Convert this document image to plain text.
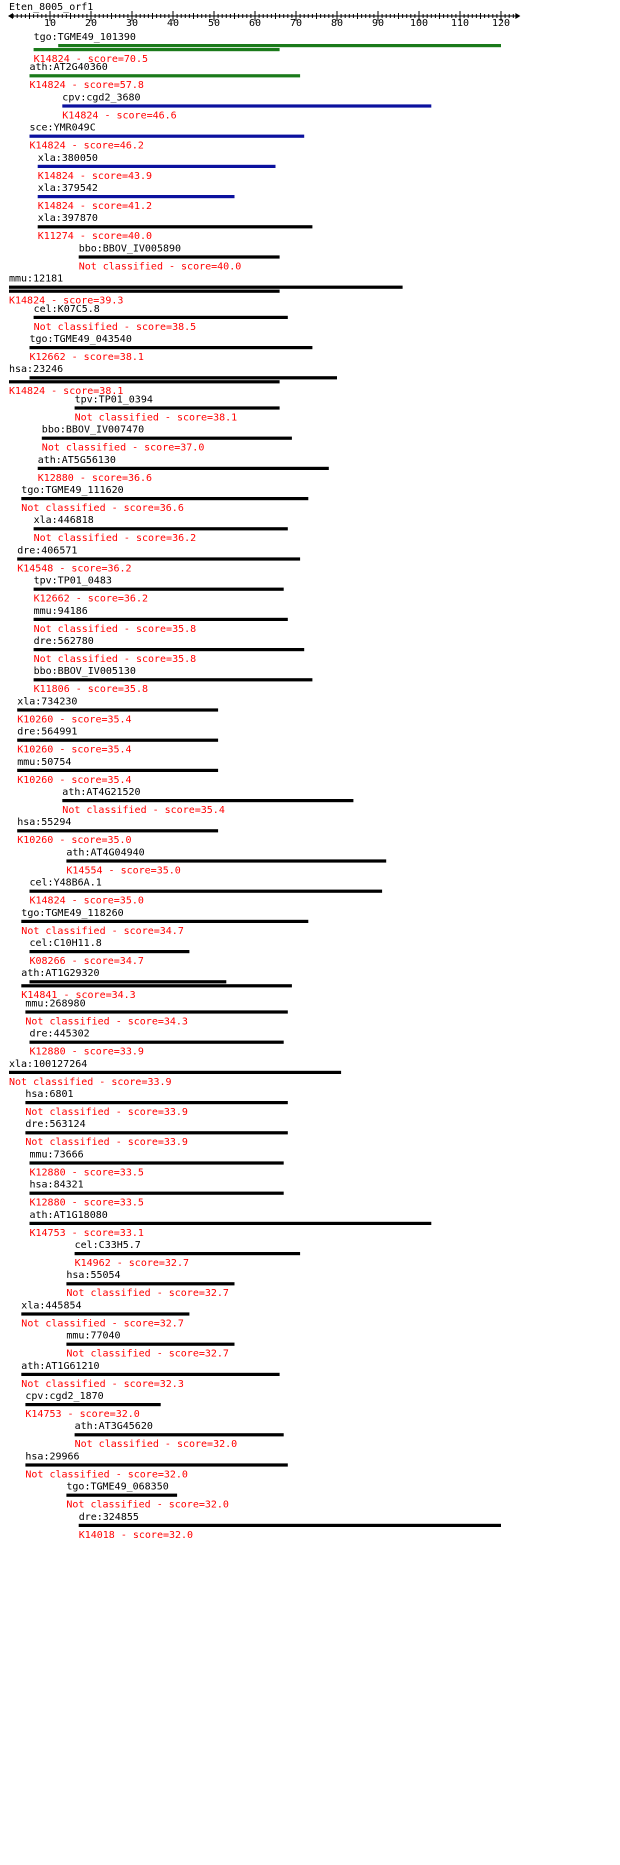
Eten_8005_orf1
10	20	30	40	50	60	70	80	90	100 110 120
tgo:TGME49_101390
K14824 - score=70.5
ath:AT2G40360
K14824 - score=57.8
cpv:cgd2_3680
K14824 - score=46.6
sce:YMR049C
K14824 - score=46.2
xla:380050
K14824 - score=43.9
xla:379542
K14824 - score=41.2
xla:397870
K11274 - score=40.0
bbo:BBOV_IV005890
Not classified - score=40.0
mmu:12181
K14824 - score=39.3
cel:K07C5.8
Not classified - score=38.5
tgo:TGME49_043540
K12662 - score=38.1
hsa:23246
K14824 - score=38.1
tpv:TP01_0394
Not classified - score=38.1
bbo:BBOV_IV007470
Not classified - score=37.0
ath:AT5G56130
K12880 - score=36.6
tgo:TGME49_111620
Not classified - score=36.6
xla:446818
Not classified - score=36.2
dre:406571
K14548 - score=36.2
tpv:TP01_0483
K12662 - score=36.2
mmu:94186
Not classified - score=35.8
dre:562780
Not classified - score=35.8
bbo:BBOV_IV005130
K11806 - score=35.8
xla:734230
K10260 - score=35.4
dre:564991
K10260 - score=35.4
mmu:50754
K10260 - score=35.4
ath:AT4G21520
Not classified - score=35.4
hsa:55294
K10260 - score=35.0
ath:AT4G04940
K14554 - score=35.0
cel:Y48B6A.1
K14824 - score=35.0
tgo:TGME49_118260
Not classified - score=34.7
cel:C10H11.8
K08266 - score=34.7
ath:AT1G29320
K14841 - score=34.3
mmu:268980
Not classified - score=34.3
dre:445302
K12880 - score=33.9
xla:100127264
Not classified - score=33.9
hsa:6801
Not classified - score=33.9
dre:563124
Not classified - score=33.9
mmu:73666
K12880 - score=33.5
hsa:84321
K12880 - score=33.5
ath:AT1G18080
K14753 - score=33.1
cel:C33H5.7
K14962 - score=32.7
hsa:55054
Not classified - score=32.7
xla:445854
Not classified - score=32.7
mmu:77040
Not classified - score=32.7
ath:AT1G61210
Not classified - score=32.3
cpv:cgd2_1870
K14753 - score=32.0
ath:AT3G45620
Not classified - score=32.0
hsa:29966
Not classified - score=32.0
tgo:TGME49_068350
Not classified - score=32.0
dre:324855
K14018 - score=32.0
